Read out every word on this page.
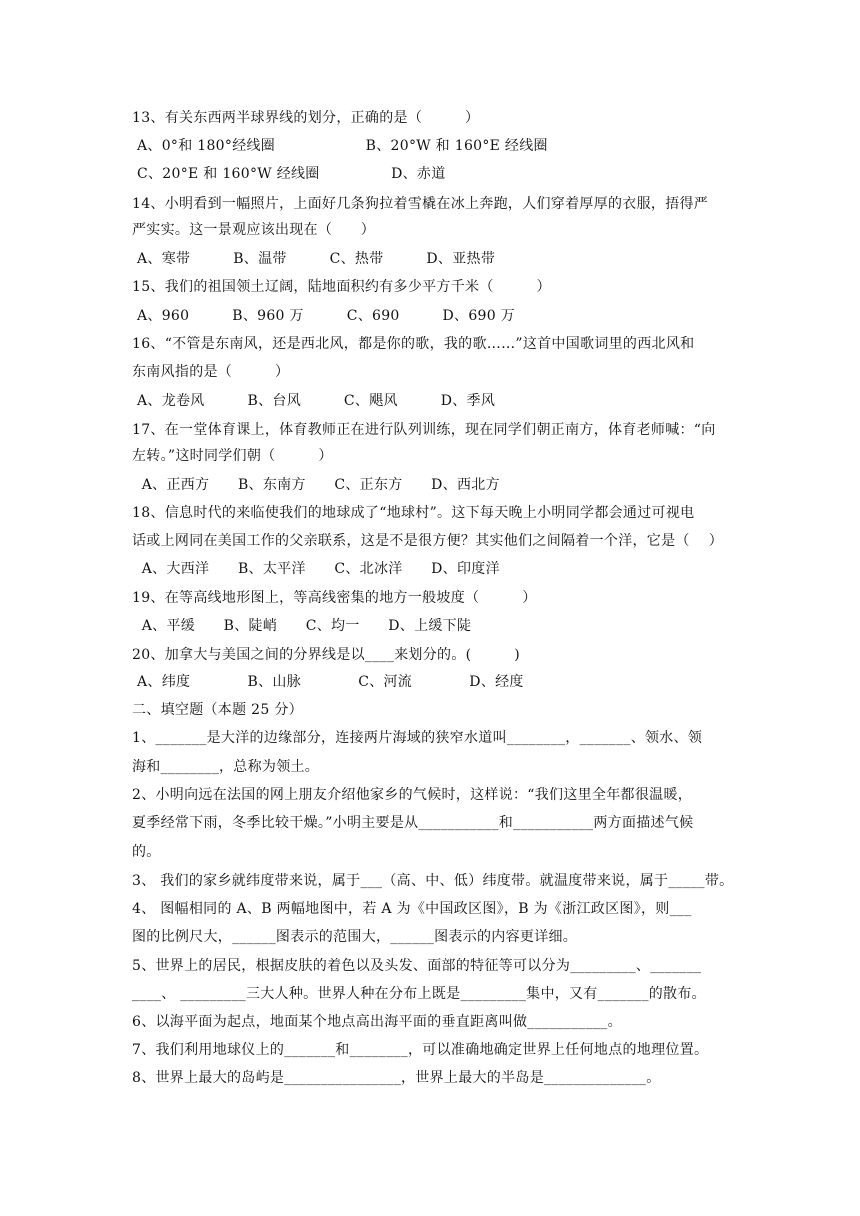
13、有关东西两半球界线的划分，正确的是（　　　）
A、0°和 180°经线圈　　　　　　 B、20°W 和 160°E 经线圈
C、20°E 和 160°W 经线圈　　　　　D、赤道
14、小明看到一幅照片，上面好几条狗拉着雪橇在冰上奔跑，人们穿着厚厚的衣服，捂得严
严实实。这一景观应该出现在（　　）
A、寒带　　　B、温带　　　C、热带　　　D、亚热带
15、我们的祖国领土辽阔，陆地面积约有多少平方千米（　　　）
A、960　　　B、960 万　　　C、690　　　D、690 万
16、“不管是东南风，还是西北风，都是你的歌，我的歌……”这首中国歌词里的西北风和
东南风指的是（　　　）
A、龙卷风　　　B、台风　　　C、飓风　　　D、季风
17、在一堂体育课上，体育教师正在进行队列训练，现在同学们朝正南方，体育老师喊：“向
左转。”这时同学们朝（　　　）
A、正西方　　B、东南方　　C、正东方　　D、西北方
18、信息时代的来临使我们的地球成了“地球村”。这下每天晚上小明同学都会通过可视电
话或上网同在美国工作的父亲联系，这是不是很方便？其实他们之间隔着一个洋，它是（　 ）
A、大西洋　　B、太平洋　　C、北冰洋　　D、印度洋
19、在等高线地形图上，等高线密集的地方一般坡度（　　　）
A、平缓　　B、陡峭　　C、均一　　D、上缓下陡
20、加拿大与美国之间的分界线是以____来划分的。(　　　)
A、纬度　　　　B、山脉　　　　C、河流　　　　D、经度
二、填空题（本题 25 分）
1、_______是大洋的边缘部分，连接两片海域的狭窄水道叫________，_______、领水、领
海和________，总称为领土。
2、小明向远在法国的网上朋友介绍他家乡的气候时，这样说：“我们这里全年都很温暖，
夏季经常下雨，冬季比较干燥。”小明主要是从___________和___________两方面描述气候
的。
3、 我们的家乡就纬度带来说，属于___（高、中、低）纬度带。就温度带来说，属于_____带。
4、 图幅相同的 A、B 两幅地图中，若 A 为《中国政区图》，B 为《浙江政区图》，则___
图的比例尺大，______图表示的范围大，______图表示的内容更详细。
5、世界上的居民，根据皮肤的着色以及头发、面部的特征等可以分为_________、_______
____、 _________三大人种。世界人种在分布上既是_________集中，又有_______的散布。
6、以海平面为起点，地面某个地点高出海平面的垂直距离叫做___________。
7、我们利用地球仪上的_______和________，可以准确地确定世界上任何地点的地理位置。
8、世界上最大的岛屿是________________，世界上最大的半岛是______________。
